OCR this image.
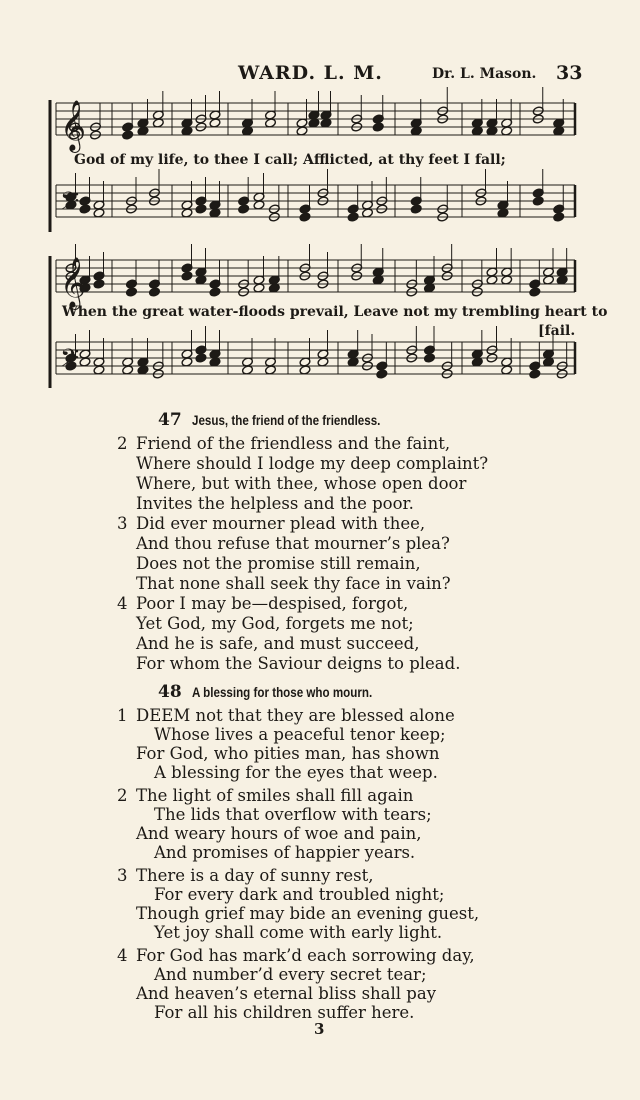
WARD. L. M.	Dr. L. Mason. 33
𝄞
𝄢
𝄞
𝄢
God of my life, to thee I call; Afflicted, at thy feet I fall;
When the great water-floods prevail, Leave not my trembling heart to
[fail.
47 Jesus, the friend of the friendless.
2 Friend of the friendless and the faint,
Where should I lodge my deep complaint?
Where, but with thee, whose open door
Invites the helpless and the poor.
3 Did ever mourner plead with thee,
And thou refuse that mourner’s plea?
Does not the promise still remain,
That none shall seek thy face in vain?
4 Poor I may be—despised, forgot,
Yet God, my God, forgets me not;
And he is safe, and must succeed,
For whom the Saviour deigns to plead.
48 A blessing for those who mourn.
1 DEEM not that they are blessed alone
Whose lives a peaceful tenor keep;
For God, who pities man, has shown
A blessing for the eyes that weep.
2 The light of smiles shall fill again
The lids that overflow with tears;
And weary hours of woe and pain,
And promises of happier years.
3 There is a day of sunny rest,
For every dark and troubled night;
Though grief may bide an evening guest,
Yet joy shall come with early light.
4 For God has mark’d each sorrowing day,
And number’d every secret tear;
And heaven’s eternal bliss shall pay
For all his children suffer here.
3
